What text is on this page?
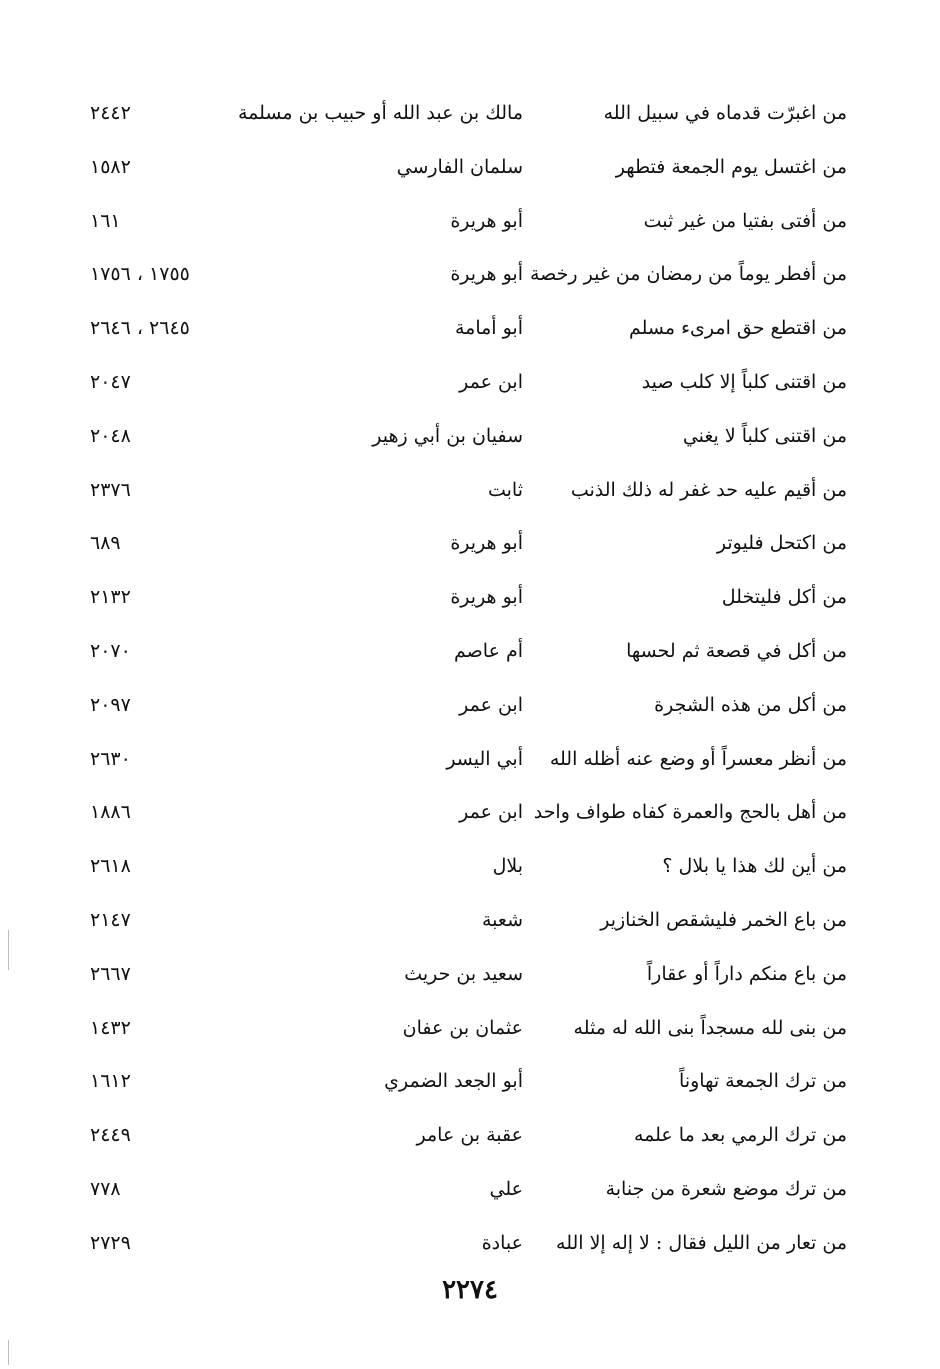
من اغبرّت قدماه في سبيل الله
مالك بن عبد الله أو حبيب بن مسلمة
٢٤٤٢
من اغتسل يوم الجمعة فتطهر
سلمان الفارسي
١٥٨٢
من أفتى بفتيا من غير ثبت
أبو هريرة
١٦١
من أفطر يوماً من رمضان من غير رخصة
أبو هريرة
١٧٥٥ ، ١٧٥٦
من اقتطع حق امرىء مسلم
أبو أمامة
٢٦٤٥ ، ٢٦٤٦
من اقتنى كلباً إلا كلب صيد
ابن عمر
٢٠٤٧
من اقتنى كلباً لا يغني
سفيان بن أبي زهير
٢٠٤٨
من أقيم عليه حد غفر له ذلك الذنب
ثابت
٢٣٧٦
من اكتحل فليوتر
أبو هريرة
٦٨٩
من أكل فليتخلل
أبو هريرة
٢١٣٢
من أكل في قصعة ثم لحسها
أم عاصم
٢٠٧٠
من أكل من هذه الشجرة
ابن عمر
٢٠٩٧
من أنظر معسراً أو وضع عنه أظله الله
أبي اليسر
٢٦٣٠
من أهل بالحج والعمرة كفاه طواف واحد
ابن عمر
١٨٨٦
من أين لك هذا يا بلال ؟
بلال
٢٦١٨
من باع الخمر فليشقص الخنازير
شعبة
٢١٤٧
من باع منكم داراً أو عقاراً
سعيد بن حريث
٢٦٦٧
من بنى لله مسجداً بنى الله له مثله
عثمان بن عفان
١٤٣٢
من ترك الجمعة تهاوناً
أبو الجعد الضمري
١٦١٢
من ترك الرمي بعد ما علمه
عقبة بن عامر
٢٤٤٩
من ترك موضع شعرة من جنابة
علي
٧٧٨
من تعار من الليل فقال : لا إله إلا الله
عبادة
٢٧٢٩
٢٢٧٤
